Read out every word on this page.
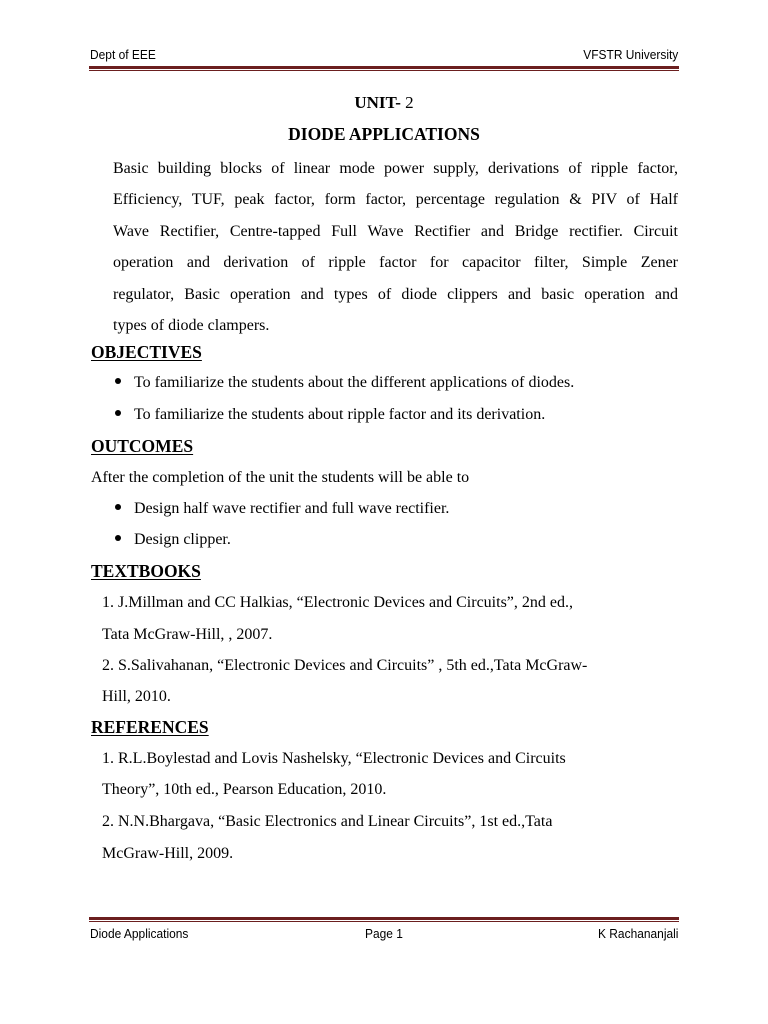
Dept of EEE	VFSTR University
UNIT- 2
DIODE APPLICATIONS
Basic building blocks of linear mode power supply, derivations of ripple factor,
Efficiency, TUF, peak factor, form factor, percentage regulation & PIV of Half
Wave Rectifier, Centre-tapped Full Wave Rectifier and Bridge rectifier. Circuit
operation and derivation of ripple factor for capacitor filter, Simple Zener
regulator, Basic operation and types of diode clippers and basic operation and
types of diode clampers.
OBJECTIVES
To familiarize the students about the different applications of diodes.
To familiarize the students about ripple factor and its derivation.
OUTCOMES
After the completion of the unit the students will be able to
Design half wave rectifier and full wave rectifier.
Design clipper.
TEXTBOOKS
1. J.Millman and CC Halkias, “Electronic Devices and Circuits”, 2nd ed.,
Tata McGraw-Hill, , 2007.
2. S.Salivahanan, “Electronic Devices and Circuits” , 5th ed.,Tata McGraw-
Hill, 2010.
REFERENCES
1. R.L.Boylestad and Lovis Nashelsky, “Electronic Devices and Circuits
Theory”, 10th ed., Pearson Education, 2010.
2. N.N.Bhargava, “Basic Electronics and Linear Circuits”, 1st ed.,Tata
McGraw-Hill, 2009.
Diode Applications	Page 1	K Rachananjali
